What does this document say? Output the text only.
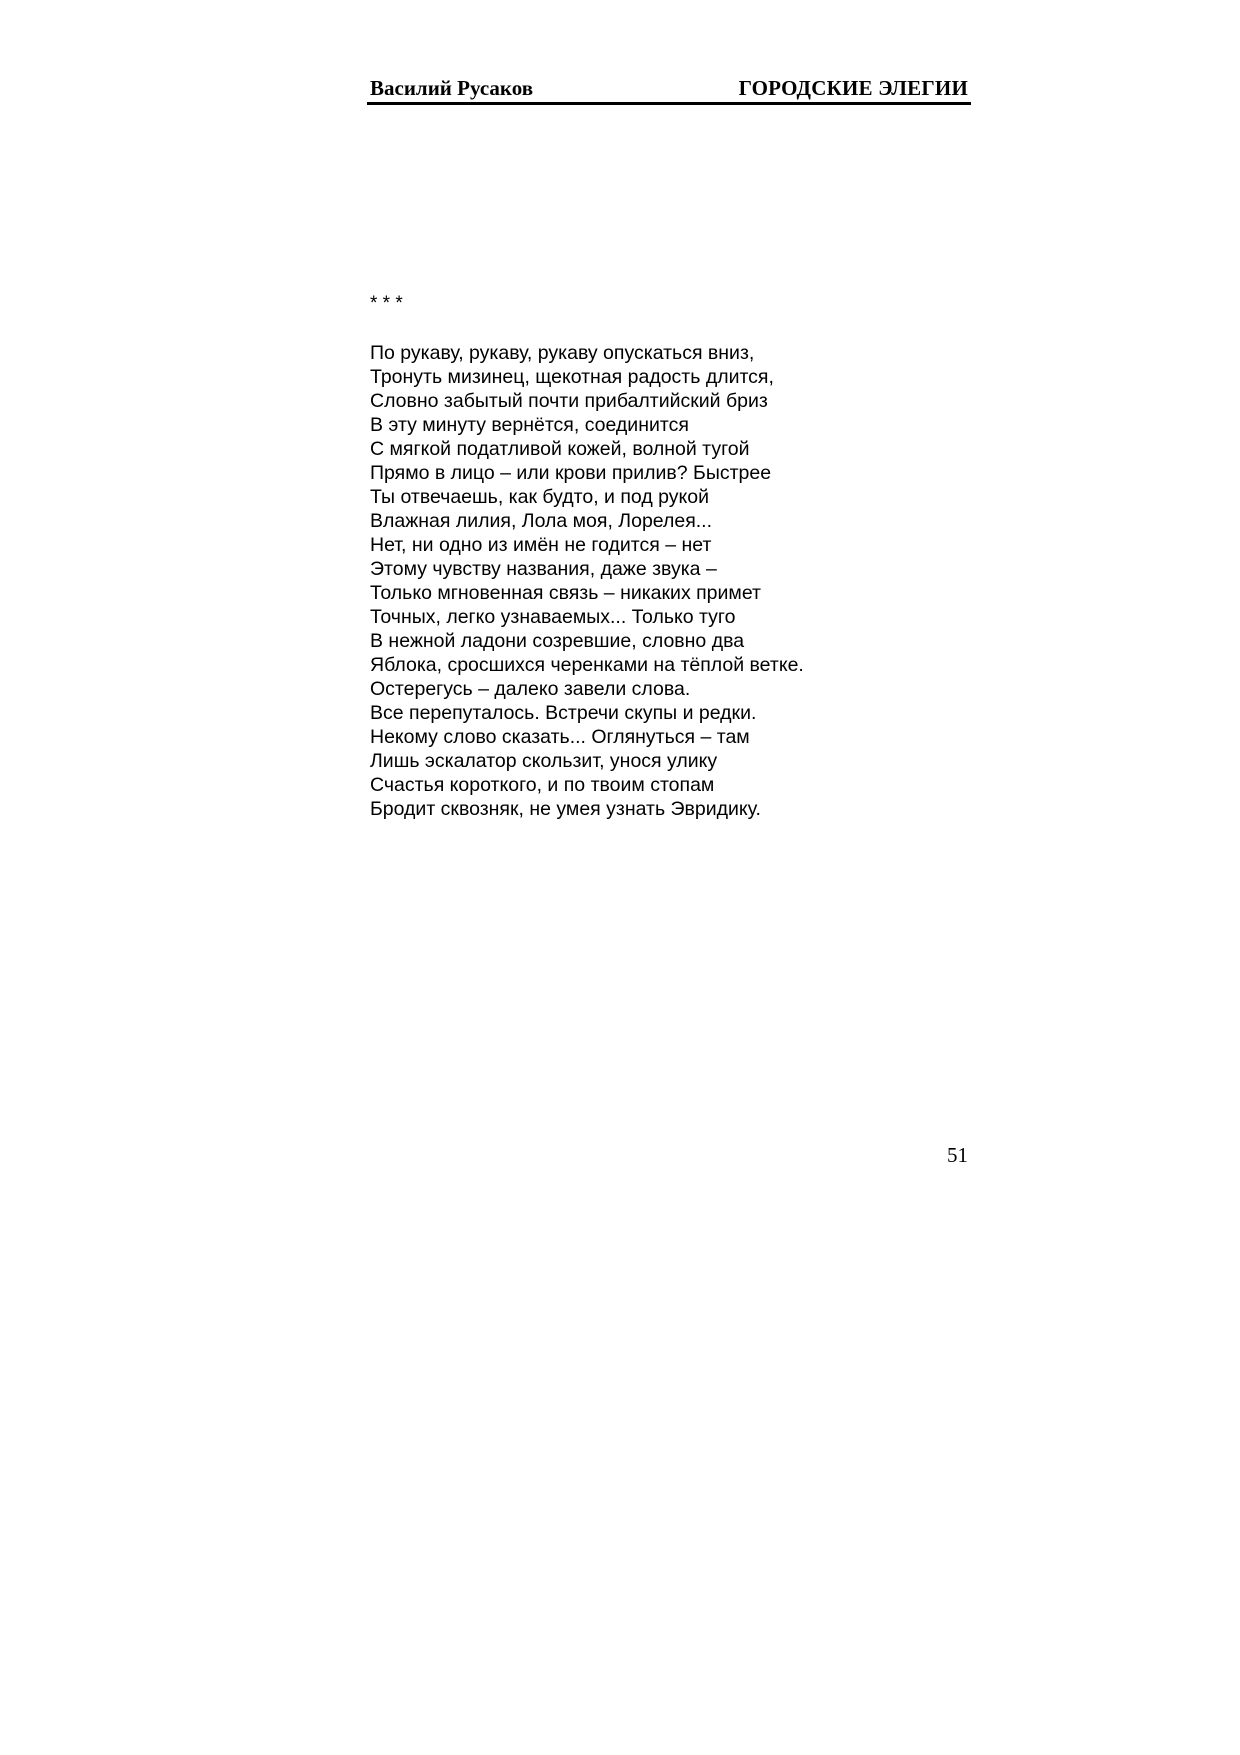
Василий Русаков	ГОРОДСКИЕ ЭЛЕГИИ
* * *
По рукаву, рукаву, рукаву опускаться вниз,
Тронуть мизинец, щекотная радость длится,
Словно забытый почти прибалтийский бриз
В эту минуту вернётся, соединится
С мягкой податливой кожей, волной тугой
Прямо в лицо – или крови прилив? Быстрее
Ты отвечаешь, как будто, и под рукой
Влажная лилия, Лола моя, Лорелея...
Нет, ни одно из имён не годится – нет
Этому чувству названия, даже звука –
Только мгновенная связь – никаких примет
Точных, легко узнаваемых... Только туго
В нежной ладони созревшие, словно два
Яблока, сросшихся черенками на тёплой ветке.
Остерегусь – далеко завели слова.
Все перепуталось. Встречи скупы и редки.
Некому слово сказать... Оглянуться – там
Лишь эскалатор скользит, унося улику
Счастья короткого, и по твоим стопам
Бродит сквозняк, не умея узнать Эвридику.
51
